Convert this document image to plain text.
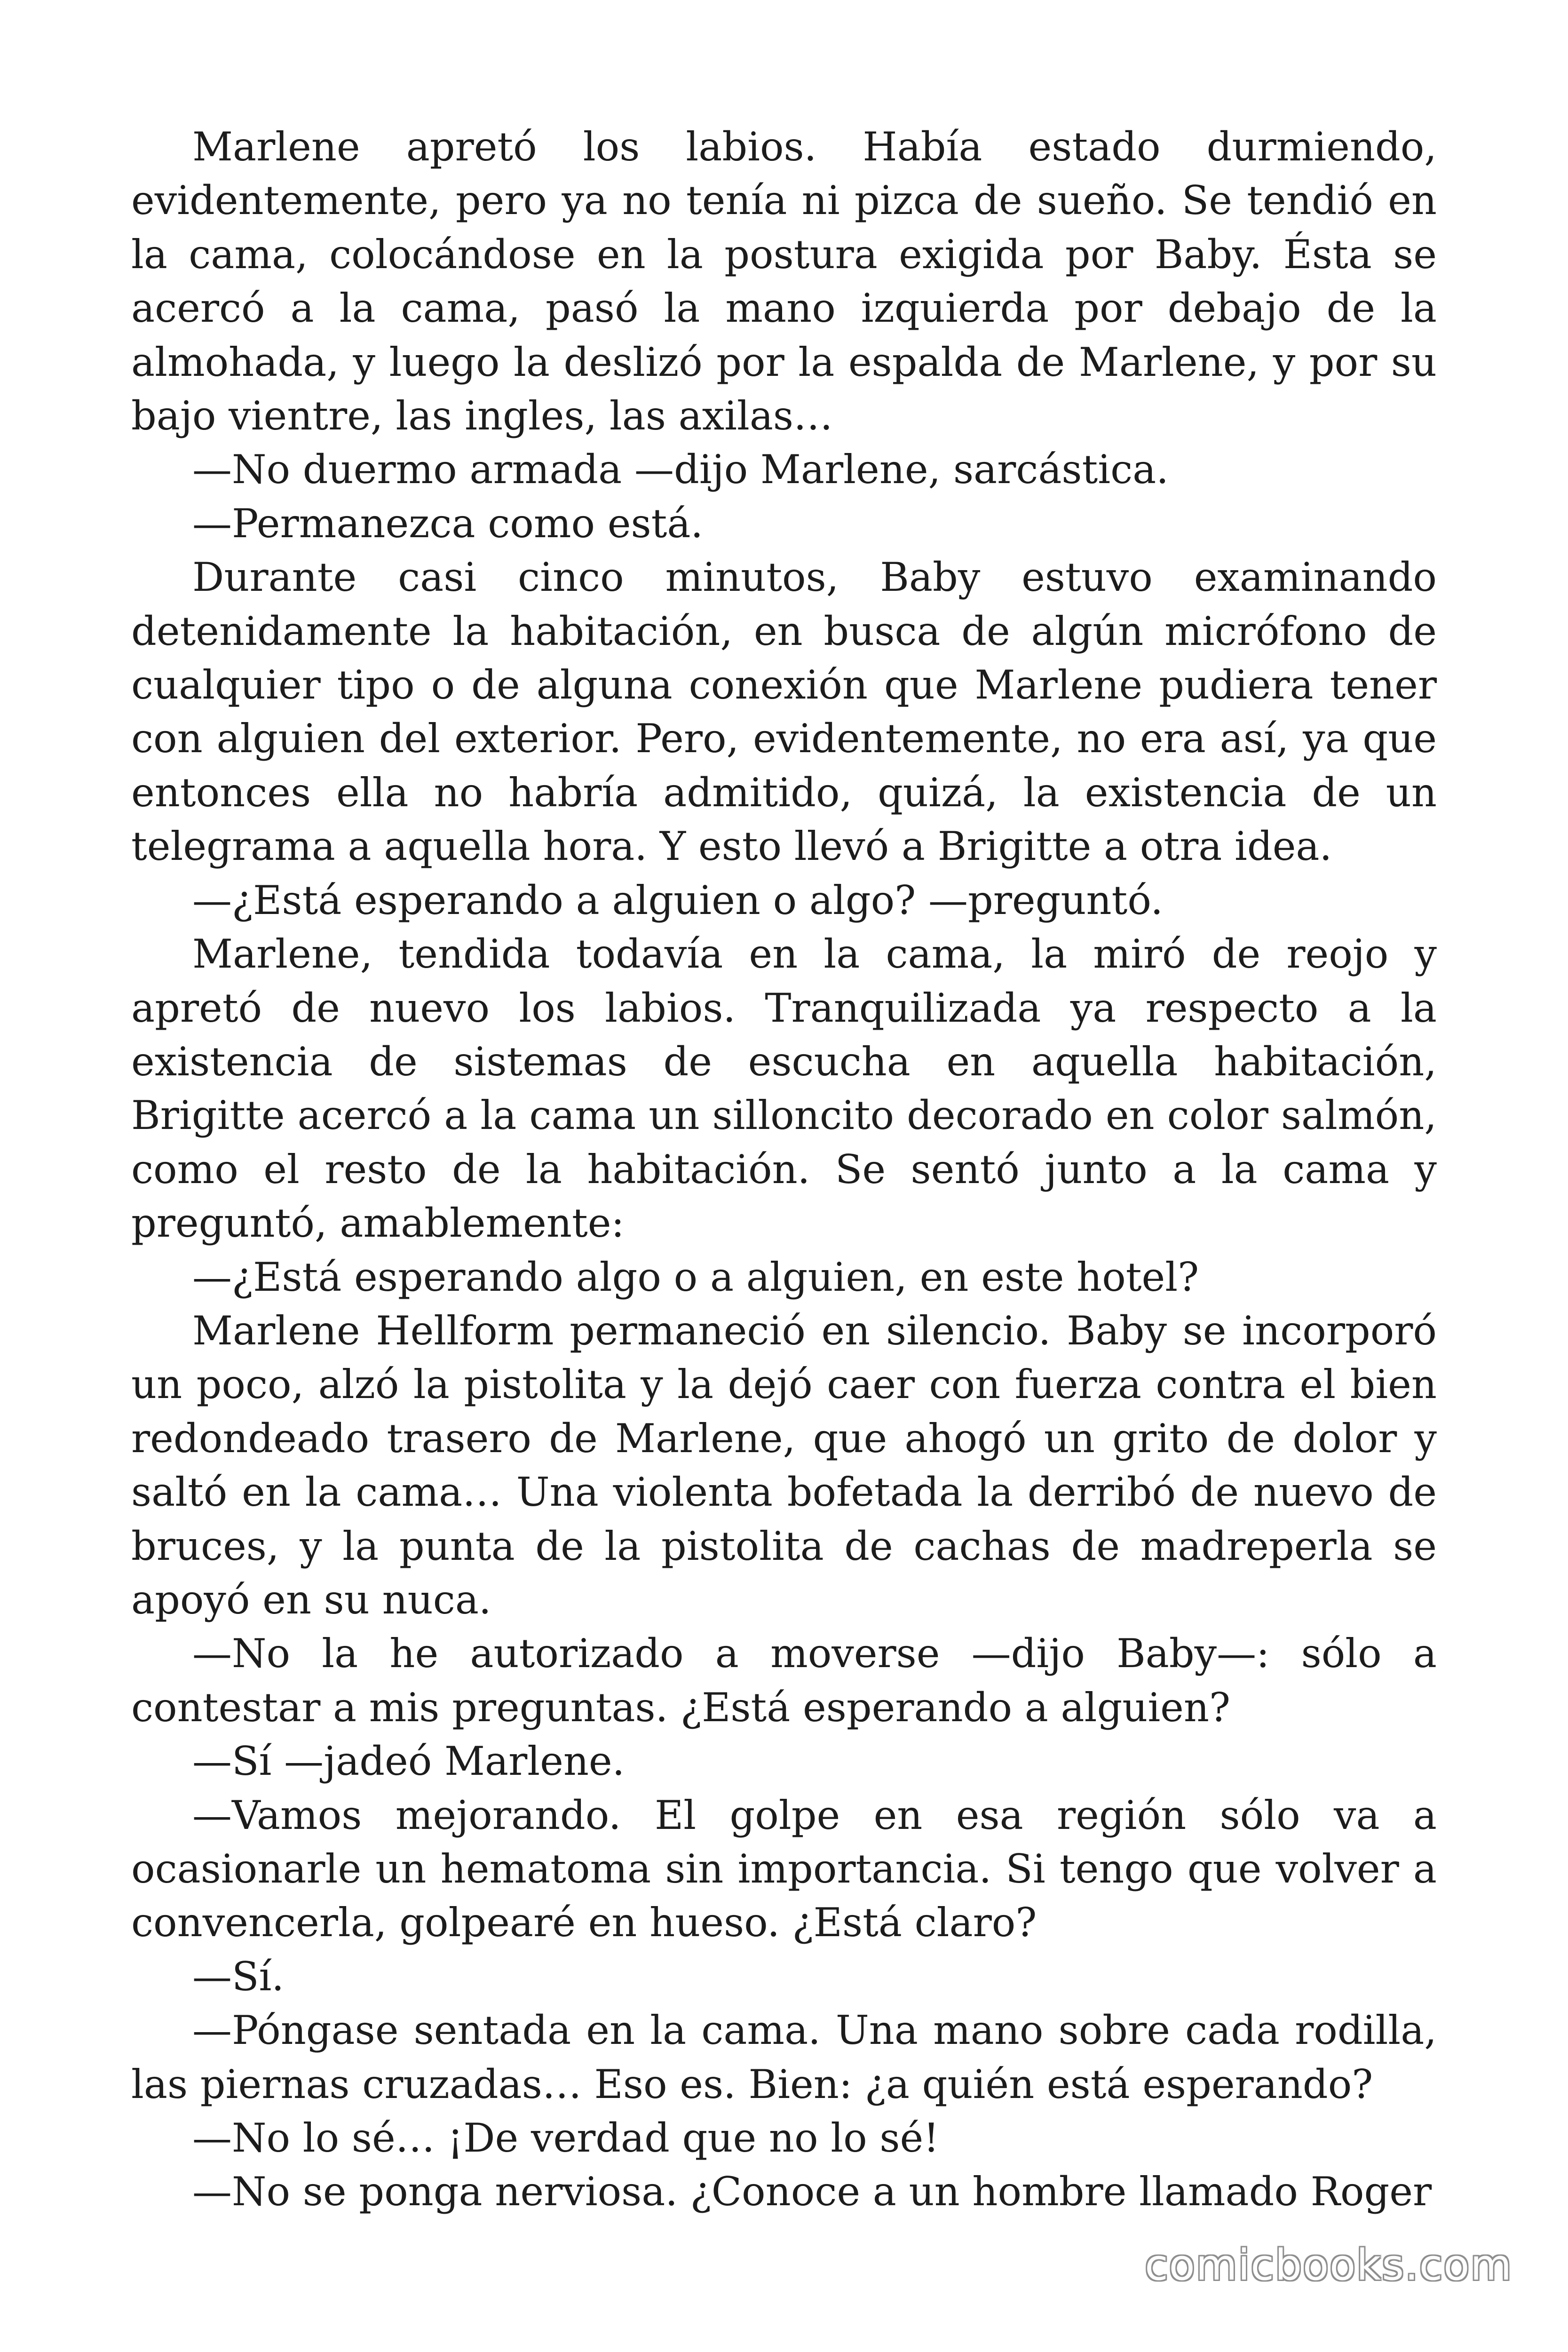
Marlene apretó los labios. Había estado durmiendo, evidentemente, pero ya no tenía ni pizca de sueño. Se tendió en la cama, colocándose en la postura exigida por Baby. Ésta se acercó a la cama, pasó la mano izquierda por debajo de la almohada, y luego la deslizó por la espalda de Marlene, y por su bajo vientre, las ingles, las axilas…

—No duermo armada —dijo Marlene, sarcástica.

—Permanezca como está.

Durante casi cinco minutos, Baby estuvo examinando detenidamente la habitación, en busca de algún micrófono de cualquier tipo o de alguna conexión que Marlene pudiera tener con alguien del exterior. Pero, evidentemente, no era así, ya que entonces ella no habría admitido, quizá, la existencia de un telegrama a aquella hora. Y esto llevó a Brigitte a otra idea.

—¿Está esperando a alguien o algo? —preguntó.

Marlene, tendida todavía en la cama, la miró de reojo y apretó de nuevo los labios. Tranquilizada ya respecto a la existencia de sistemas de escucha en aquella habitación, Brigitte acercó a la cama un silloncito decorado en color salmón, como el resto de la habitación. Se sentó junto a la cama y preguntó, amablemente:

—¿Está esperando algo o a alguien, en este hotel?

Marlene Hellform permaneció en silencio. Baby se incorporó un poco, alzó la pistolita y la dejó caer con fuerza contra el bien redondeado trasero de Marlene, que ahogó un grito de dolor y saltó en la cama… Una violenta bofetada la derribó de nuevo de bruces, y la punta de la pistolita de cachas de madreperla se apoyó en su nuca.

—No la he autorizado a moverse —dijo Baby—: sólo a contestar a mis preguntas. ¿Está esperando a alguien?

—Sí —jadeó Marlene.

—Vamos mejorando. El golpe en esa región sólo va a ocasionarle un hematoma sin importancia. Si tengo que volver a convencerla, golpearé en hueso. ¿Está claro?

—Sí.

—Póngase sentada en la cama. Una mano sobre cada rodilla, las piernas cruzadas… Eso es. Bien: ¿a quién está esperando?

—No lo sé… ¡De verdad que no lo sé!

—No se ponga nerviosa. ¿Conoce a un hombre llamado Roger

comicbooks.com
